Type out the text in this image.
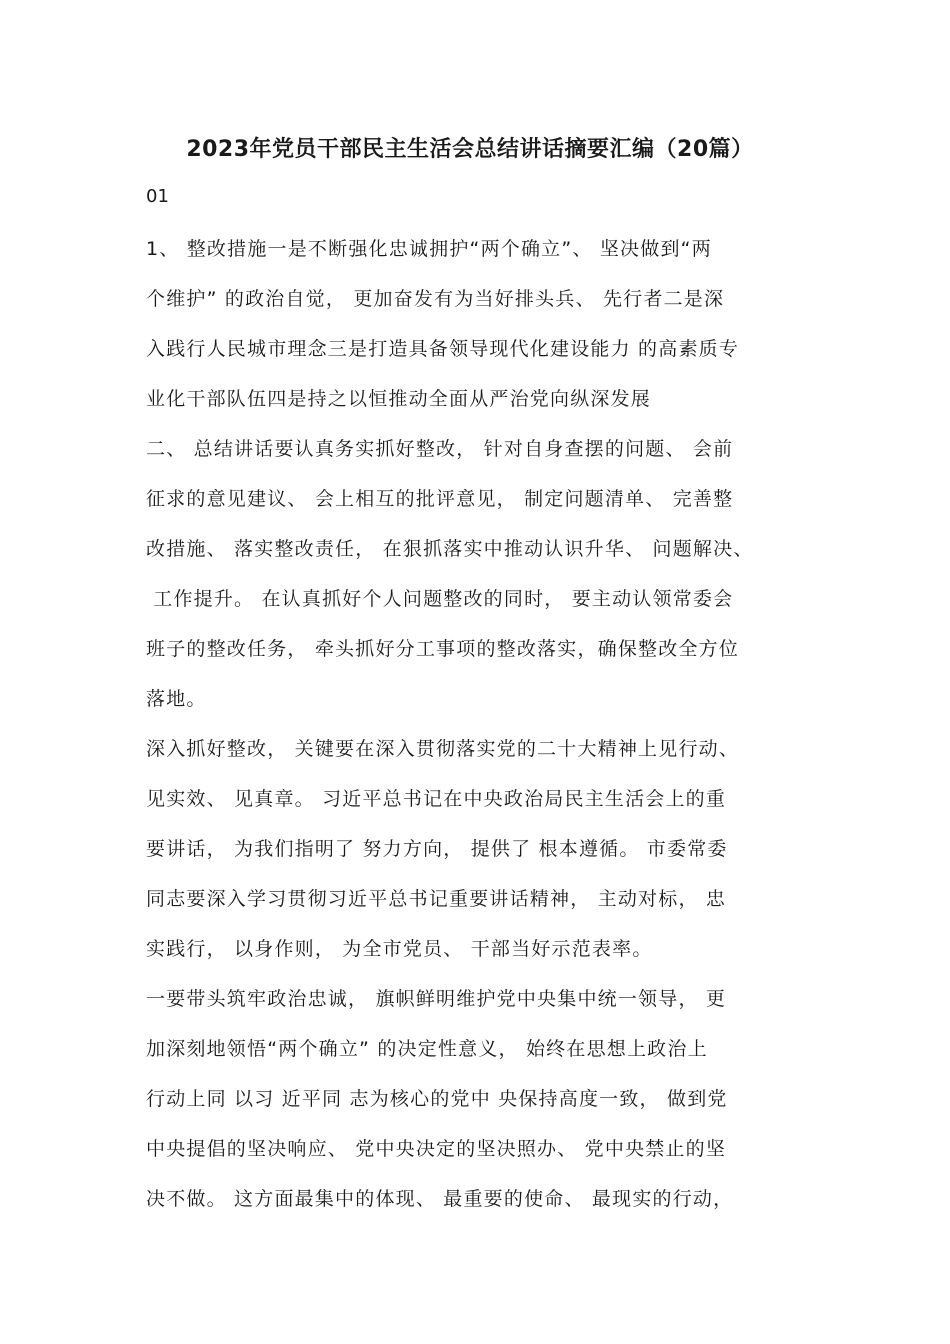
2023年党员干部民主生活会总结讲话摘要汇编（20篇）

01

1、 整改措施一是不断强化忠诚拥护“两个确立”、 坚决做到“两

个维护” 的政治自觉， 更加奋发有为当好排头兵、 先行者二是深

入践行人民城市理念三是打造具备领导现代化建设能力 的高素质专

业化干部队伍四是持之以恒推动全面从严治党向纵深发展

二、 总结讲话要认真务实抓好整改， 针对自身查摆的问题、 会前

征求的意见建议、 会上相互的批评意见， 制定问题清单、 完善整

改措施、 落实整改责任， 在狠抓落实中推动认识升华、 问题解决、

工作提升。 在认真抓好个人问题整改的同时， 要主动认领常委会

班子的整改任务， 牵头抓好分工事项的整改落实，确保整改全方位

落地。

深入抓好整改， 关键要在深入贯彻落实党的二十大精神上见行动、

见实效、 见真章。 习近平总书记在中央政治局民主生活会上的重

要讲话， 为我们指明了 努力方向， 提供了 根本遵循。 市委常委

同志要深入学习贯彻习近平总书记重要讲话精神， 主动对标， 忠

实践行， 以身作则， 为全市党员、 干部当好示范表率。

一要带头筑牢政治忠诚， 旗帜鲜明维护党中央集中统一领导， 更

加深刻地领悟“两个确立” 的决定性意义， 始终在思想上政治上

行动上同 以习 近平同 志为核心的党中 央保持高度一致， 做到党

中央提倡的坚决响应、 党中央决定的坚决照办、 党中央禁止的坚

决不做。 这方面最集中的体现、 最重要的使命、 最现实的行动，
